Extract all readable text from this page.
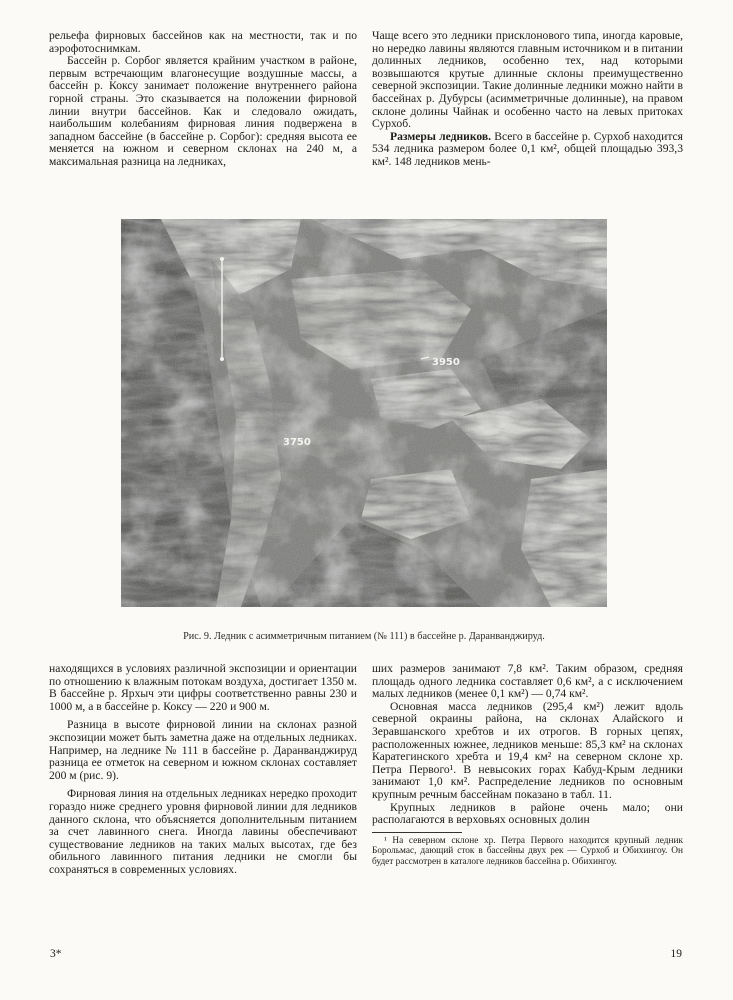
рельефа фирновых бассейнов как на местности, так и по аэрофотоснимкам.

Бассейн р. Сорбог является крайним участком в районе, первым встречающим влагонесущие воздушные массы, а бассейн р. Коксу занимает положение внутреннего района горной страны. Это сказывается на положении фирновой линии внутри бассейнов. Как и следовало ожидать, наибольшим колебаниям фирновая линия подвержена в западном бассейне (в бассейне р. Сорбог): средняя высота ее меняется на южном и северном склонах на 240 м, а максимальная разница на ледниках,

Чаще всего это ледники присклонового типа, иногда каровые, но нередко лавины являются главным источником и в питании долинных ледников, особенно тех, над которыми возвышаются крутые длинные склоны преимущественно северной экспозиции. Такие долинные ледники можно найти в бассейнах р. Дубурсы (асимметричные долинные), на правом склоне долины Чайнак и особенно часто на левых притоках Сурхоб.

Размеры ледников. Всего в бассейне р. Сурхоб находится 534 ледника размером более 0,1 км², общей площадью 393,3 км². 148 ледников мень-

3950
3750
Рис. 9. Ледник с асимметричным питанием (№ 111) в бассейне р. Даранванджируд.

находящихся в условиях различной экспозиции и ориентации по отношению к влажным потокам воздуха, достигает 1350 м. В бассейне р. Ярхыч эти цифры соответственно равны 230 и 1000 м, а в бассейне р. Коксу — 220 и 900 м.

Разница в высоте фирновой линии на склонах разной экспозиции может быть заметна даже на отдельных ледниках. Например, на леднике № 111 в бассейне р. Даранванджируд разница ее отметок на северном и южном склонах составляет 200 м (рис. 9).

Фирновая линия на отдельных ледниках нередко проходит гораздо ниже среднего уровня фирновой линии для ледников данного склона, что объясняется дополнительным питанием за счет лавинного снега. Иногда лавины обеспечивают существование ледников на таких малых высотах, где без обильного лавинного питания ледники не смогли бы сохраняться в современных условиях.

ших размеров занимают 7,8 км². Таким образом, средняя площадь одного ледника составляет 0,6 км², а с исключением малых ледников (менее 0,1 км²) — 0,74 км².

Основная масса ледников (295,4 км²) лежит вдоль северной окраины района, на склонах Алайского и Зеравшанского хребтов и их отрогов. В горных цепях, расположенных южнее, ледников меньше: 85,3 км² на склонах Каратегинского хребта и 19,4 км² на северном склоне хр. Петра Первого¹. В невысоких горах Кабуд-Крым ледники занимают 1,0 км². Распределение ледников по основным крупным речным бассейнам показано в табл. 11.

Крупных ледников в районе очень мало; они располагаются в верховьях основных долин

¹ На северном склоне хр. Петра Первого находится крупный ледник Борольмас, дающий сток в бассейны двух рек — Сурхоб и Обихингоу. Он будет рассмотрен в каталоге ледников бассейна р. Обихингоу.

3*	19
